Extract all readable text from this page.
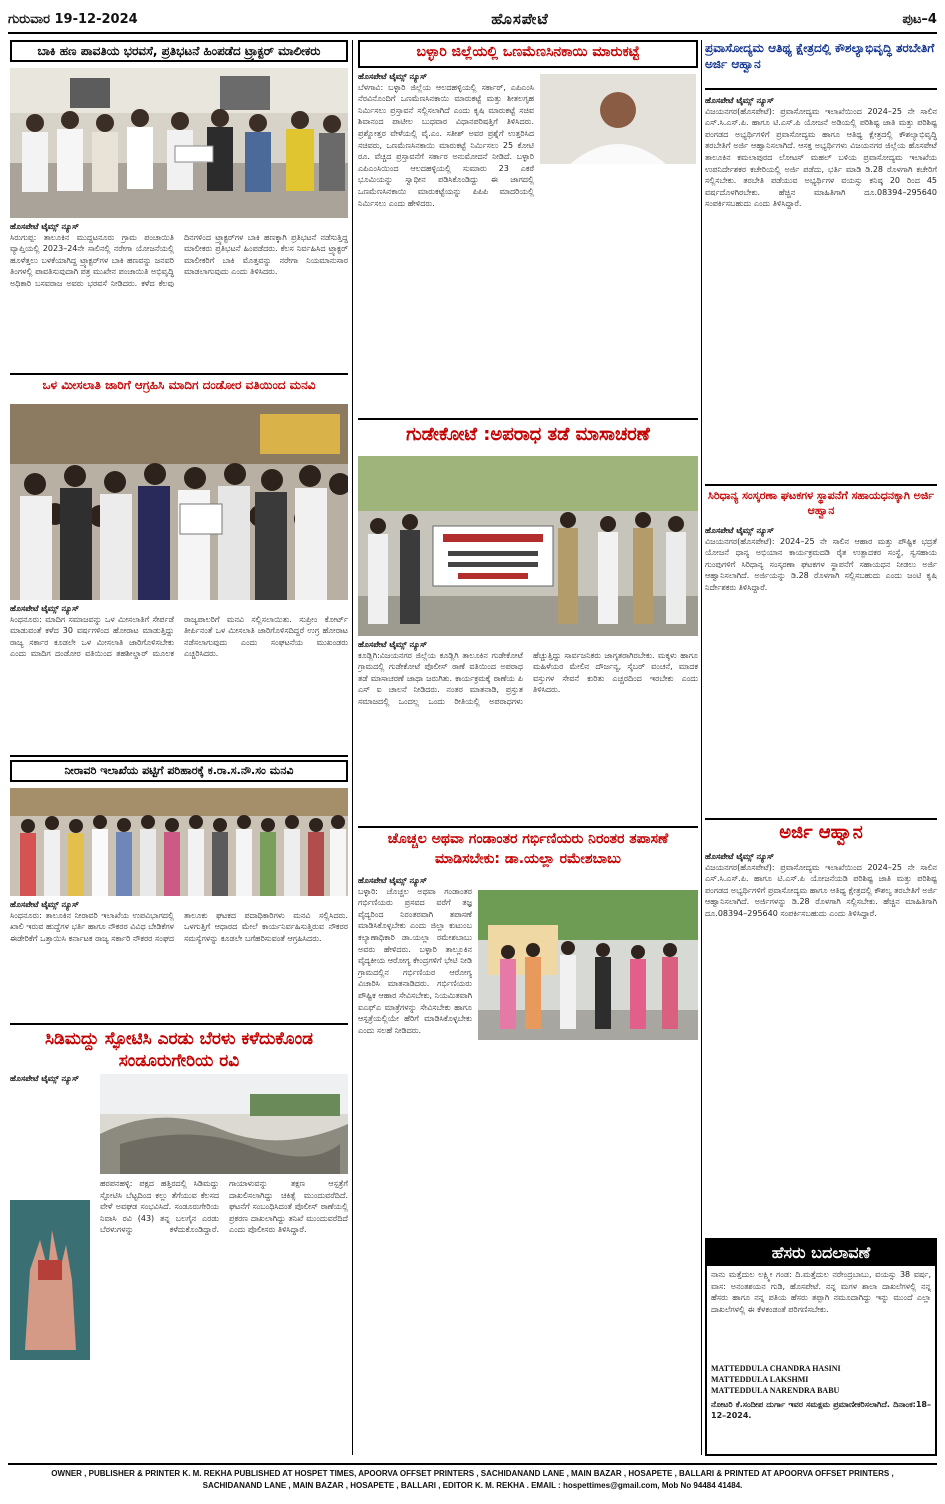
ಗುರುವಾರ 19-12-2024	ಹೊಸಪೇಟೆ	ಪುಟ–4
ಬಾಕಿ ಹಣ ಪಾವತಿಯ ಭರವಸೆ, ಪ್ರತಿಭಟನೆ ಹಿಂಪಡೆದ ಟ್ರ್ಯಾಕ್ಟರ್ ಮಾಲೀಕರು
ಹೊಸಪೇಟೆ ಟೈಮ್ಸ್ ನ್ಯೂಸ್
ಸಿರುಗುಪ್ಪ: ತಾಲೂಕಿನ ಮುದ್ದಟನೂರು ಗ್ರಾಮ ಪಂಚಾಯಿತಿ ವ್ಯಾಪ್ತಿಯಲ್ಲಿ 2023–24ನೇ ಸಾಲಿನಲ್ಲಿ ನರೇಗಾ ಯೋಜನೆಯಲ್ಲಿ ಹೂಳೆತ್ತಲು ಬಳಕೆಯಾಗಿದ್ದ ಟ್ರ್ಯಾಕ್ಟರ್‌ಗಳ ಬಾಕಿ ಹಣವನ್ನು ಜನವರಿ ತಿಂಗಳಲ್ಲಿ ಪಾವತಿಸುವುದಾಗಿ ಪತ್ರ ಮುಖೇನ ಪಂಚಾಯಿತಿ ಅಭಿವೃದ್ಧಿ ಅಧಿಕಾರಿ ಬಸವರಾಜ ಅವರು ಭರವಸೆ ನೀಡಿದರು. ಕಳೆದ ಕೆಲವು ದಿನಗಳಿಂದ ಟ್ರ್ಯಾಕ್ಟರ್‌ಗಳ ಬಾಕಿ ಹಣಕ್ಕಾಗಿ ಪ್ರತಿಭಟನೆ ನಡೆಸುತ್ತಿದ್ದ ಮಾಲೀಕರು ಪ್ರತಿಭಟನೆ ಹಿಂಪಡೆದರು. ಕೆಲಸ ನಿರ್ವಹಿಸಿದ ಟ್ರ್ಯಾಕ್ಟರ್ ಮಾಲೀಕರಿಗೆ ಬಾಕಿ ಮೊತ್ತವನ್ನು ನರೇಗಾ ನಿಯಮಾನುಸಾರ ಮಾಡಲಾಗುವುದು ಎಂದು ತಿಳಿಸಿದರು.
ಒಳ ಮೀಸಲಾತಿ ಜಾರಿಗೆ ಆಗ್ರಹಿಸಿ ಮಾದಿಗ ದಂಡೋರ ವತಿಯಿಂದ ಮನವಿ
ಹೊಸಪೇಟೆ ಟೈಮ್ಸ್ ನ್ಯೂಸ್
ಸಿಂಧನೂರು: ಮಾದಿಗ ಸಮಾಜವನ್ನು ಒಳ ಮೀಸಲಾತಿಗೆ ಸೇರ್ಪಡೆ ಮಾಡುವಂತೆ ಕಳೆದ 30 ವರ್ಷಗಳಿಂದ ಹೋರಾಟ ಮಾಡುತ್ತಿದ್ದು ರಾಜ್ಯ ಸರ್ಕಾರ ಕೂಡಲೇ ಒಳ ಮೀಸಲಾತಿ ಜಾರಿಗೊಳಿಸಬೇಕು ಎಂದು ಮಾದಿಗ ದಂಡೋರ ವತಿಯಿಂದ ತಹಶೀಲ್ದಾರ್ ಮೂಲಕ ರಾಜ್ಯಪಾಲರಿಗೆ ಮನವಿ ಸಲ್ಲಿಸಲಾಯಿತು. ಸುಪ್ರೀಂ ಕೋರ್ಟ್ ತೀರ್ಪಿನಂತೆ ಒಳ ಮೀಸಲಾತಿ ಜಾರಿಗೊಳಿಸದಿದ್ದರೆ ಉಗ್ರ ಹೋರಾಟ ನಡೆಸಲಾಗುವುದು ಎಂದು ಸಂಘಟನೆಯ ಮುಖಂಡರು ಎಚ್ಚರಿಸಿದರು.
ನೀರಾವರಿ ಇಲಾಖೆಯ ಪಟ್ಟಿಗೆ ಪರಿಹಾರಕ್ಕೆ ಕ.ರಾ.ಸ.ನೌ.ಸಂ ಮನವಿ
ಹೊಸಪೇಟೆ ಟೈಮ್ಸ್ ನ್ಯೂಸ್
ಸಿಂಧನೂರು: ತಾಲೂಕಿನ ನೀರಾವರಿ ಇಲಾಖೆಯ ಉಪವಿಭಾಗದಲ್ಲಿ ಖಾಲಿ ಇರುವ ಹುದ್ದೆಗಳ ಭರ್ತಿ ಹಾಗೂ ನೌಕರರ ವಿವಿಧ ಬೇಡಿಕೆಗಳ ಈಡೇರಿಕೆಗೆ ಒತ್ತಾಯಿಸಿ ಕರ್ನಾಟಕ ರಾಜ್ಯ ಸರ್ಕಾರಿ ನೌಕರರ ಸಂಘದ ತಾಲೂಕು ಘಟಕದ ಪದಾಧಿಕಾರಿಗಳು ಮನವಿ ಸಲ್ಲಿಸಿದರು. ಒಳಗುತ್ತಿಗೆ ಆಧಾರದ ಮೇಲೆ ಕಾರ್ಯನಿರ್ವಹಿಸುತ್ತಿರುವ ನೌಕರರ ಸಮಸ್ಯೆಗಳನ್ನು ಕೂಡಲೇ ಬಗೆಹರಿಸುವಂತೆ ಆಗ್ರಹಿಸಿದರು.
ಸಿಡಿಮದ್ದು ಸ್ಫೋಟಿಸಿ ಎರಡು ಬೆರಳು ಕಳೆದುಕೊಂಡ ಸಂಡೂರುಗೇರಿಯ ರವಿ
ಹೊಸಪೇಟೆ ಟೈಮ್ಸ್ ನ್ಯೂಸ್
ಹರಪನಹಳ್ಳಿ: ಪಕ್ಷದ ಹತ್ತಿರದಲ್ಲಿ ಸಿಡಿಮದ್ದು ಸ್ಫೋಟಿಸಿ ಬೆಟ್ಟದಿಂದ ಕಲ್ಲು ತೆಗೆಯುವ ಕೆಲಸದ ವೇಳೆ ಅವಘಡ ಸಂಭವಿಸಿದೆ. ಸಂಡೂರುಗೇರಿಯ ನಿವಾಸಿ ರವಿ (43) ತನ್ನ ಬಲಗೈನ ಎರಡು ಬೆರಳುಗಳನ್ನು ಕಳೆದುಕೊಂಡಿದ್ದಾರೆ. ಗಾಯಾಳುವನ್ನು ತಕ್ಷಣ ಆಸ್ಪತ್ರೆಗೆ ದಾಖಲಿಸಲಾಗಿದ್ದು ಚಿಕಿತ್ಸೆ ಮುಂದುವರೆದಿದೆ. ಘಟನೆಗೆ ಸಂಬಂಧಿಸಿದಂತೆ ಪೊಲೀಸ್ ಠಾಣೆಯಲ್ಲಿ ಪ್ರಕರಣ ದಾಖಲಾಗಿದ್ದು ತನಿಖೆ ಮುಂದುವರೆದಿದೆ ಎಂದು ಪೊಲೀಸರು ತಿಳಿಸಿದ್ದಾರೆ.
ಬಳ್ಳಾರಿ ಜಿಲ್ಲೆಯಲ್ಲಿ ಒಣಮೆಣಸಿನಕಾಯಿ ಮಾರುಕಟ್ಟೆ
ಹೊಸಪೇಟೆ ಟೈಮ್ಸ್ ನ್ಯೂಸ್
ಬೆಳಗಾವಿ: ಬಳ್ಳಾರಿ ಜಿಲ್ಲೆಯ ಆಲದಹಳ್ಳಿಯಲ್ಲಿ ಸರ್ಕಾರ್, ಎಪಿಎಂಸಿ ನೆರವಿನೊಂದಿಗೆ ಒಣಮೆಣಸಿನಕಾಯಿ ಮಾರುಕಟ್ಟೆ ಮತ್ತು ಶೀತಲಗೃಹ ನಿರ್ಮಿಸಲು ಪ್ರಸ್ತಾವನೆ ಸಲ್ಲಿಸಲಾಗಿದೆ ಎಂದು ಕೃಷಿ ಮಾರುಕಟ್ಟೆ ಸಚಿವ ಶಿವಾನಂದ ಪಾಟೀಲ ಬುಧವಾರ ವಿಧಾನಪರಿಷತ್ತಿಗೆ ತಿಳಿಸಿದರು. ಪ್ರಶ್ನೋತ್ತರ ವೇಳೆಯಲ್ಲಿ ವೈ.ಎಂ. ಸತೀಶ್ ಅವರ ಪ್ರಶ್ನೆಗೆ ಉತ್ತರಿಸಿದ ಸಚಿವರು, ಒಣಮೆಣಸಿನಕಾಯಿ ಮಾರುಕಟ್ಟೆ ನಿರ್ಮಿಸಲು 25 ಕೋಟಿ ರೂ. ವೆಚ್ಚದ ಪ್ರಸ್ತಾವನೆಗೆ ಸರ್ಕಾರ ಅನುಮೋದನೆ ನೀಡಿದೆ. ಬಳ್ಳಾರಿ ಎಪಿಎಂಸಿಯಿಂದ ಆಲದಹಳ್ಳಿಯಲ್ಲಿ ಸುಮಾರು 23 ಎಕರೆ ಭೂಮಿಯನ್ನು ಸ್ವಾಧೀನ ಪಡಿಸಿಕೊಂಡಿದ್ದು ಈ ಜಾಗದಲ್ಲಿ ಒಣಮೆಣಸಿನಕಾಯಿ ಮಾರುಕಟ್ಟೆಯನ್ನು ಪಿಪಿಪಿ ಮಾದರಿಯಲ್ಲಿ ನಿರ್ಮಿಸಲು ಎಂದು ಹೇಳಿದರು.
ಗುಡೇಕೋಟೆ :ಅಪರಾಧ ತಡೆ ಮಾಸಾಚರಣೆ
ಹೊಸಪೇಟೆ ಟೈಮ್ಸ್ ನ್ಯೂಸ್
ಕೂಡ್ಲಿಗಿ:ವಿಜಯನಗರ ಜಿಲ್ಲೆಯ ಕೂಡ್ಲಿಗಿ ತಾಲೂಕಿನ ಗುಡೇಕೋಟೆ ಗ್ರಾಮದಲ್ಲಿ ಗುಡೇಕೋಟೆ ಪೊಲೀಸ್ ಠಾಣೆ ವತಿಯಿಂದ ಅಪರಾಧ ತಡೆ ಮಾಸಾಚರಣೆ ಜಾಥಾ ಜರುಗಿತು. ಕಾರ್ಯಕ್ರಮಕ್ಕೆ ಠಾಣೆಯ ಪಿ ಎಸ್ ಐ ಚಾಲನೆ ನೀಡಿದರು. ನಂತರ ಮಾತನಾಡಿ, ಪ್ರಸ್ತುತ ಸಮಾಜದಲ್ಲಿ ಒಂದಲ್ಲ ಒಂದು ರೀತಿಯಲ್ಲಿ ಅಪರಾಧಗಳು ಹೆಚ್ಚುತ್ತಿದ್ದು ಸಾರ್ವಜನಿಕರು ಜಾಗೃತರಾಗಿರಬೇಕು. ಮಕ್ಕಳು ಹಾಗೂ ಮಹಿಳೆಯರ ಮೇಲಿನ ದೌರ್ಜನ್ಯ, ಸೈಬರ್ ವಂಚನೆ, ಮಾದಕ ವಸ್ತುಗಳ ಸೇವನೆ ಕುರಿತು ಎಚ್ಚರದಿಂದ ಇರಬೇಕು ಎಂದು ತಿಳಿಸಿದರು.
ಚೊಚ್ಚಲ ಅಥವಾ ಗಂಡಾಂತರ ಗರ್ಭಿಣಿಯರು ನಿರಂತರ ತಪಾಸಣೆ ಮಾಡಿಸಬೇಕು: ಡಾ.ಯಲ್ಲಾ ರಮೇಶಬಾಬು
ಹೊಸಪೇಟೆ ಟೈಮ್ಸ್ ನ್ಯೂಸ್
ಬಳ್ಳಾರಿ: ಚೊಚ್ಚಲ ಅಥವಾ ಗಂಡಾಂತರ ಗರ್ಭಿಣಿಯರು ಪ್ರಸವದ ವರೆಗೆ ತಜ್ಞ ವೈದ್ಯರಿಂದ ನಿರಂತರವಾಗಿ ತಪಾಸಣೆ ಮಾಡಿಸಿಕೊಳ್ಳಬೇಕು ಎಂದು ಜಿಲ್ಲಾ ಕುಟುಂಬ ಕಲ್ಯಾಣಾಧಿಕಾರಿ ಡಾ.ಯಲ್ಲಾ ರಮೇಶಬಾಬು ಅವರು ಹೇಳಿದರು. ಬಳ್ಳಾರಿ ತಾಲ್ಲೂಕಿನ ವೈದ್ಯಕೀಯ ಆರೋಗ್ಯ ಕೇಂದ್ರಗಳಿಗೆ ಭೇಟಿ ನೀಡಿ ಗ್ರಾಮದಲ್ಲಿನ ಗರ್ಭಿಣಿಯರ ಆರೋಗ್ಯ ವಿಚಾರಿಸಿ ಮಾತನಾಡಿದರು. ಗರ್ಭಿಣಿಯರು ಪೌಷ್ಟಿಕ ಆಹಾರ ಸೇವಿಸಬೇಕು, ನಿಯಮಿತವಾಗಿ ಐಎಫ್‌ಎ ಮಾತ್ರೆಗಳನ್ನು ಸೇವಿಸಬೇಕು ಹಾಗೂ ಆಸ್ಪತ್ರೆಯಲ್ಲಿಯೇ ಹೆರಿಗೆ ಮಾಡಿಸಿಕೊಳ್ಳಬೇಕು ಎಂದು ಸಲಹೆ ನೀಡಿದರು.
ಪ್ರವಾಸೋದ್ಯಮ ಆತಿಥ್ಯ ಕ್ಷೇತ್ರದಲ್ಲಿ ಕೌಶಲ್ಯಾಭಿವೃದ್ಧಿ ತರಬೇತಿಗೆ ಅರ್ಜಿ ಆಹ್ವಾನ
ಹೊಸಪೇಟೆ ಟೈಮ್ಸ್ ನ್ಯೂಸ್
ವಿಜಯನಗರ(ಹೊಸಪೇಟೆ): ಪ್ರವಾಸೋದ್ಯಮ ಇಲಾಖೆಯಿಂದ 2024–25 ನೇ ಸಾಲಿನ ಎಸ್.ಸಿ.ಎಸ್.ಪಿ. ಹಾಗೂ ಟಿ.ಎಸ್.ಪಿ ಯೋಜನೆ ಅಡಿಯಲ್ಲಿ ಪರಿಶಿಷ್ಟ ಜಾತಿ ಮತ್ತು ಪರಿಶಿಷ್ಟ ಪಂಗಡದ ಅಭ್ಯರ್ಥಿಗಳಿಗೆ ಪ್ರವಾಸೋದ್ಯಮ ಹಾಗೂ ಆತಿಥ್ಯ ಕ್ಷೇತ್ರದಲ್ಲಿ ಕೌಶಲ್ಯಾಭಿವೃದ್ಧಿ ತರಬೇತಿಗೆ ಅರ್ಜಿ ಆಹ್ವಾನಿಸಲಾಗಿದೆ. ಆಸಕ್ತ ಅಭ್ಯರ್ಥಿಗಳು ವಿಜಯನಗರ ಜಿಲ್ಲೆಯ ಹೊಸಪೇಟೆ ತಾಲೂಕಿನ ಕಮಲಾಪುರದ ಲೋಟಸ್ ಮಹಲ್ ಬಳಿಯ ಪ್ರವಾಸೋದ್ಯಮ ಇಲಾಖೆಯ ಉಪನಿರ್ದೇಶಕರ ಕಚೇರಿಯಲ್ಲಿ ಅರ್ಜಿ ಪಡೆದು, ಭರ್ತಿ ಮಾಡಿ ಡಿ.28 ರೊಳಗಾಗಿ ಕಚೇರಿಗೆ ಸಲ್ಲಿಸಬೇಕು. ತರಬೇತಿ ಪಡೆಯುವ ಅಭ್ಯರ್ಥಿಗಳ ವಯಸ್ಸು ಕನಿಷ್ಠ 20 ರಿಂದ 45 ವರ್ಷದೊಳಗಿರಬೇಕು. ಹೆಚ್ಚಿನ ಮಾಹಿತಿಗಾಗಿ ದೂ.08394–295640 ಸಂಪರ್ಕಿಸಬಹುದು ಎಂದು ತಿಳಿಸಿದ್ದಾರೆ.
ಸಿರಿಧಾನ್ಯ ಸಂಸ್ಕರಣಾ ಘಟಕಗಳ ಸ್ಥಾಪನೆಗೆ ಸಹಾಯಧನಕ್ಕಾಗಿ ಅರ್ಜಿ ಆಹ್ವಾನ
ಹೊಸಪೇಟೆ ಟೈಮ್ಸ್ ನ್ಯೂಸ್
ವಿಜಯನಗರ(ಹೊಸಪೇಟೆ): 2024–25 ನೇ ಸಾಲಿನ ಆಹಾರ ಮತ್ತು ಪೌಷ್ಟಿಕ ಭದ್ರತೆ ಯೋಜನೆ ಧಾನ್ಯ ಅಭಿಯಾನ ಕಾರ್ಯಕ್ರಮದಡಿ ರೈತ ಉತ್ಪಾದಕರ ಸಂಸ್ಥೆ, ಸ್ವಸಹಾಯ ಗುಂಪುಗಳಿಗೆ ಸಿರಿಧಾನ್ಯ ಸಂಸ್ಕರಣಾ ಘಟಕಗಳ ಸ್ಥಾಪನೆಗೆ ಸಹಾಯಧನ ನೀಡಲು ಅರ್ಜಿ ಆಹ್ವಾನಿಸಲಾಗಿದೆ. ಅರ್ಜಿಯನ್ನು ಡಿ.28 ರೊಳಗಾಗಿ ಸಲ್ಲಿಸಬಹುದು ಎಂದು ಜಂಟಿ ಕೃಷಿ ನಿರ್ದೇಶಕರು ತಿಳಿಸಿದ್ದಾರೆ.
ಅರ್ಜಿ ಆಹ್ವಾನ
ಹೊಸಪೇಟೆ ಟೈಮ್ಸ್ ನ್ಯೂಸ್
ವಿಜಯನಗರ(ಹೊಸಪೇಟೆ): ಪ್ರವಾಸೋದ್ಯಮ ಇಲಾಖೆಯಿಂದ 2024–25 ನೇ ಸಾಲಿನ ಎಸ್.ಸಿ.ಎಸ್.ಪಿ. ಹಾಗೂ ಟಿ.ಎಸ್.ಪಿ ಯೋಜನೆಯಡಿ ಪರಿಶಿಷ್ಟ ಜಾತಿ ಮತ್ತು ಪರಿಶಿಷ್ಟ ಪಂಗಡದ ಅಭ್ಯರ್ಥಿಗಳಿಗೆ ಪ್ರವಾಸೋದ್ಯಮ ಹಾಗೂ ಆತಿಥ್ಯ ಕ್ಷೇತ್ರದಲ್ಲಿ ಕೌಶಲ್ಯ ತರಬೇತಿಗೆ ಅರ್ಜಿ ಆಹ್ವಾನಿಸಲಾಗಿದೆ. ಅರ್ಜಿಗಳನ್ನು ಡಿ.28 ರೊಳಗಾಗಿ ಸಲ್ಲಿಸಬೇಕು. ಹೆಚ್ಚಿನ ಮಾಹಿತಿಗಾಗಿ ದೂ.08394–295640 ಸಂಪರ್ಕಿಸಬಹುದು ಎಂದು ತಿಳಿಸಿದ್ದಾರೆ.
ಹೆಸರು ಬದಲಾವಣೆ
ನಾನು ಮತ್ತೆದುಲ ಲಕ್ಷ್ಮೀ ಗಂಡ: ದಿ.ಮತ್ತೆದುಲ ನರೇಂದ್ರಬಾಬು, ವಯಸ್ಸು 38 ವರ್ಷ, ವಾಸ: ಅನಂತಶಯನ ಗುಡಿ, ಹೊಸಪೇಟೆ. ನನ್ನ ಮಗಳ ಶಾಲಾ ದಾಖಲೆಗಳಲ್ಲಿ ನನ್ನ ಹೆಸರು ಹಾಗೂ ನನ್ನ ಪತಿಯ ಹೆಸರು ತಪ್ಪಾಗಿ ನಮೂದಾಗಿದ್ದು ಇನ್ನು ಮುಂದೆ ಎಲ್ಲಾ ದಾಖಲೆಗಳಲ್ಲಿ ಈ ಕೆಳಕಂಡಂತೆ ಪರಿಗಣಿಸಬೇಕು.
MATTEDDULA CHANDRA HASINI
MATTEDDULA LAKSHMI
MATTEDDULA NARENDRA BABU
ನೋಟರಿ ಕೆ.ಸಂದೀಪ ದುರ್ಗಾ ಇವರ ಸಮಕ್ಷಮ ಪ್ರಮಾಣೀಕರಿಸಲಾಗಿದೆ. ದಿನಾಂಕ:18–12–2024.
OWNER , PUBLISHER & PRINTER K. M. REKHA PUBLISHED AT HOSPET TIMES, APOORVA OFFSET PRINTERS , SACHIDANAND LANE , MAIN BAZAR , HOSAPETE , BALLARI & PRINTED AT APOORVA OFFSET PRINTERS ,
SACHIDANAND LANE , MAIN BAZAR , HOSAPETE , BALLARI , EDITOR K. M. REKHA . EMAIL : hospettimes@gmail.com, Mob No 94484 41484.
